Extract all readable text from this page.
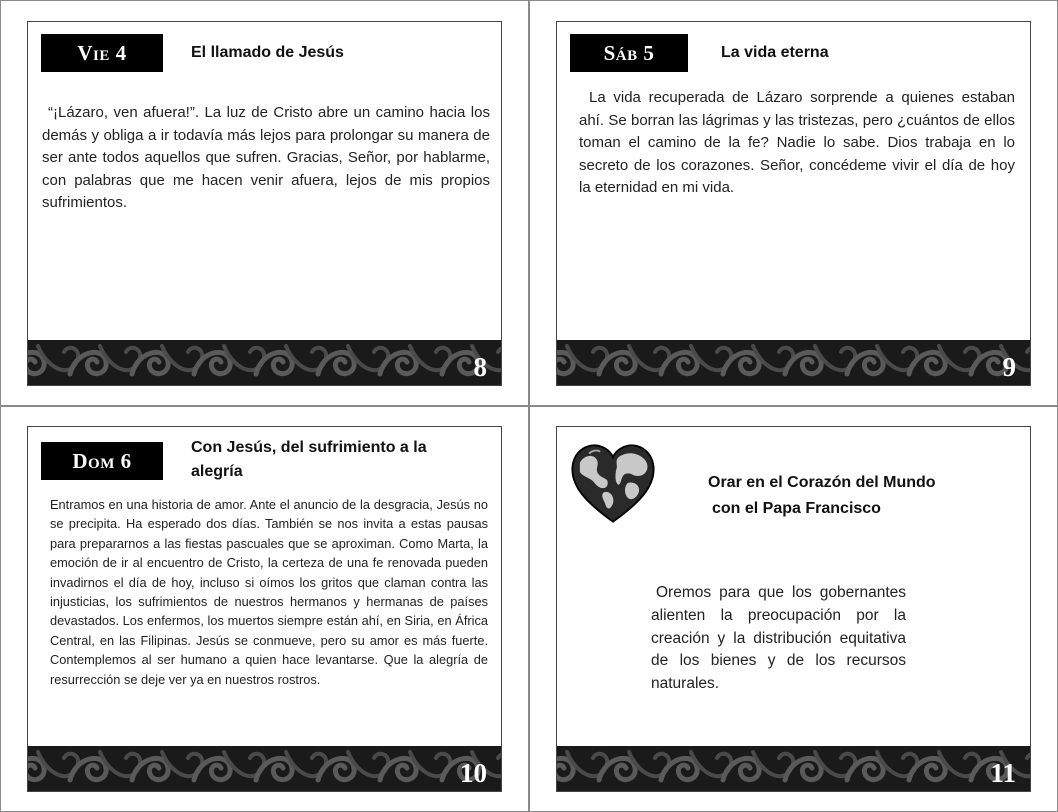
Vie 4	El llamado de Jesús
“¡Lázaro, ven afuera!”. La luz de Cristo abre un camino hacia los demás y obliga a ir todavía más lejos para prolongar su manera de ser ante todos aquellos que sufren. Gracias, Señor, por hablarme, con palabras que me hacen venir afuera, lejos de mis propios sufrimientos.
8
Sáb 5	La vida eterna
La vida recuperada de Lázaro sorprende a quienes estaban ahí. Se borran las lágrimas y las tristezas, pero ¿cuántos de ellos toman el camino de la fe? Nadie lo sabe. Dios trabaja en lo secreto de los corazones. Señor, concédeme vivir el día de hoy la eternidad en mi vida.
9
Dom 6
Con Jesús, del sufrimiento a la alegría
Entramos en una historia de amor. Ante el anuncio de la desgracia, Jesús no se precipita. Ha esperado dos días. También se nos invita a estas pausas para prepararnos a las fiestas pascuales que se aproximan. Como Marta, la emoción de ir al encuentro de Cristo, la certeza de una fe renovada pueden invadirnos el día de hoy, incluso si oímos los gritos que claman contra las injusticias, los sufrimientos de nuestros hermanos y hermanas de países devastados. Los enfermos, los muertos siempre están ahí, en Siria, en África Central, en las Filipinas. Jesús se conmueve, pero su amor es más fuerte. Contemplemos al ser humano a quien hace levantarse. Que la alegría de resurrección se deje ver ya en nuestros rostros.
10
Orar en el Corazón del Mundo
con el Papa Francisco
Oremos para que los gobernantes alienten la preocupación por la creación y la distribución equitativa de los bienes y de los recursos naturales.
11
